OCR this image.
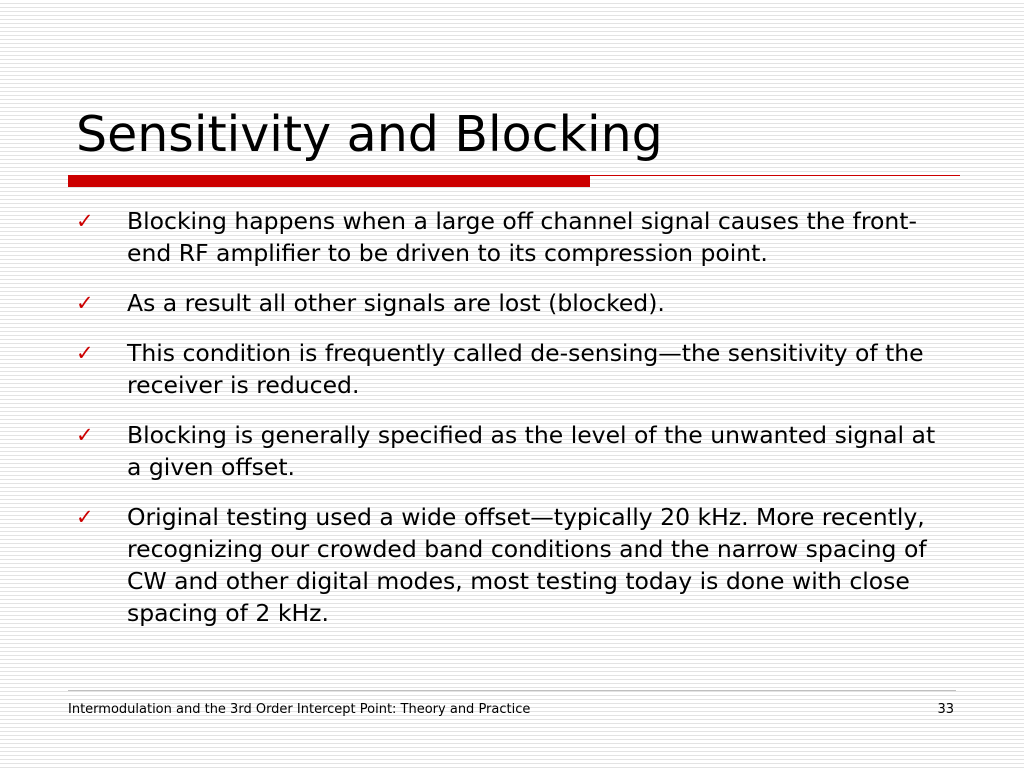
Sensitivity and Blocking
✓ Blocking happens when a large off channel signal causes the front-end RF amplifier to be driven to its compression point.
✓ As a result all other signals are lost (blocked).
✓ This condition is frequently called de-sensing—the sensitivity of the receiver is reduced.
✓ Blocking is generally specified as the level of the unwanted signal at a given offset.
✓ Original testing used a wide offset—typically 20 kHz. More recently, recognizing our crowded band conditions and the narrow spacing of CW and other digital modes, most testing today is done with close spacing of 2 kHz.
Intermodulation and the 3rd Order Intercept Point: Theory and Practice	33
